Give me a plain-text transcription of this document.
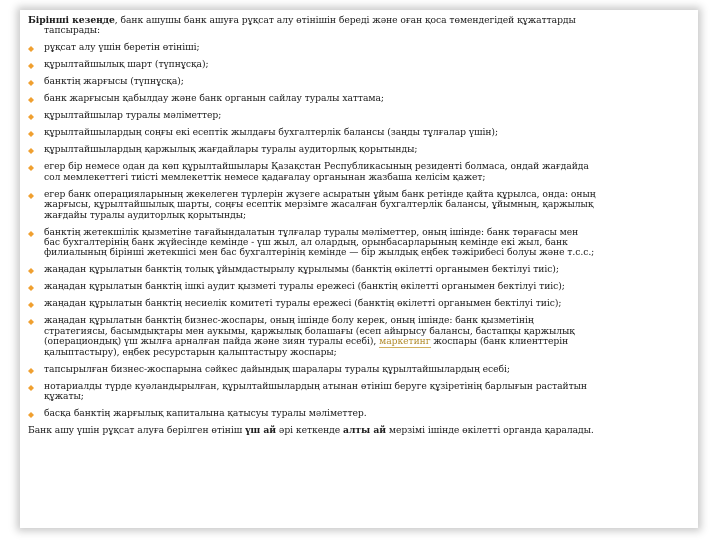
Бірінші кезеңде, банк ашушы банк ашуға рұқсат алу өтінішін береді және оған қоса төмендегідей құжаттарды
тапсырады:

рұқсат алу үшін беретін өтініші;
құрылтайшылық шарт (түпнұсқа);
банктің жарғысы (түпнұсқа);
банк жарғысын қабылдау және банк органын сайлау туралы хаттама;
құрылтайшылар туралы мәліметтер;
құрылтайшылардың соңғы екі есептік жылдағы бухгалтерлік балансы (заңды тұлғалар үшін);
құрылтайшылардың қаржылық жағдайлары туралы аудиторлық қорытынды;
егер бір немесе одан да көп құрылтайшылары Қазақстан Республикасының резиденті болмаса, ондай жағдайда
сол мемлекеттегі тиісті мемлекеттік немесе қадағалау органынан жазбаша келісім қажет;
егер банк операцияларының жекелеген түрлерін жүзеге асыратын ұйым банк ретінде қайта құрылса, онда: оның
жарғысы, құрылтайшылық шарты, соңғы есептік мерзімге жасалған бухгалтерлік балансы, ұйымның, қаржылық
жағдайы туралы аудиторлық қорытынды;
банктің жетекшілік қызметіне тағайындалатын тұлғалар туралы мәліметтер, оның ішінде: банк төрағасы мен
бас бухгалтерінің банк жүйесінде кемінде - үш жыл, ал олардың, орынбасарларының кемінде екі жыл, банк
филиалының бірінші жетекшісі мен бас бухгалтерінің кемінде — бір жылдық еңбек тәжірибесі болуы және т.с.с.;
жаңадан құрылатын банктің толық ұйымдастырылу құрылымы (банктің өкілетті органымен бектілуі тиіс);
жаңадан құрылатын банктің ішкі аудит қызметі туралы ережесі (банктің өкілетті органымен бектілуі тиіс);
жаңадан құрылатын банктің несиелік комитеті туралы ережесі (банктің өкілетті органымен бектілуі тиіс);
жаңадан құрылатын банктің бизнес-жоспары, оның ішінде болу керек, оның ішінде: банк қызметінің
стратегиясы, басымдықтары мен аукымы, қаржылық болашағы (есеп айырысу балансы, бастапқы қаржылық
(операциондық) үш жылға арналған пайда және зиян туралы есебі), маркетинг жоспары (банк клиенттерін
қалыптастыру), еңбек ресурстарын қалыптастыру жоспары;
тапсырылған бизнес-жоспарына сәйкес дайындық шаралары туралы құрылтайшылардың есебі;
нотариалды түрде куәландырылған, құрылтайшылардың атынан өтініш беруге құзіретінің барлығын растайтын
құжаты;
басқа банктің жарғылық капиталына қатысуы туралы мәліметтер.

Банк ашу үшін рұқсат алуға берілген өтініш үш ай әрі кеткенде алты ай мерзімі ішінде өкілетті органда қаралады.
